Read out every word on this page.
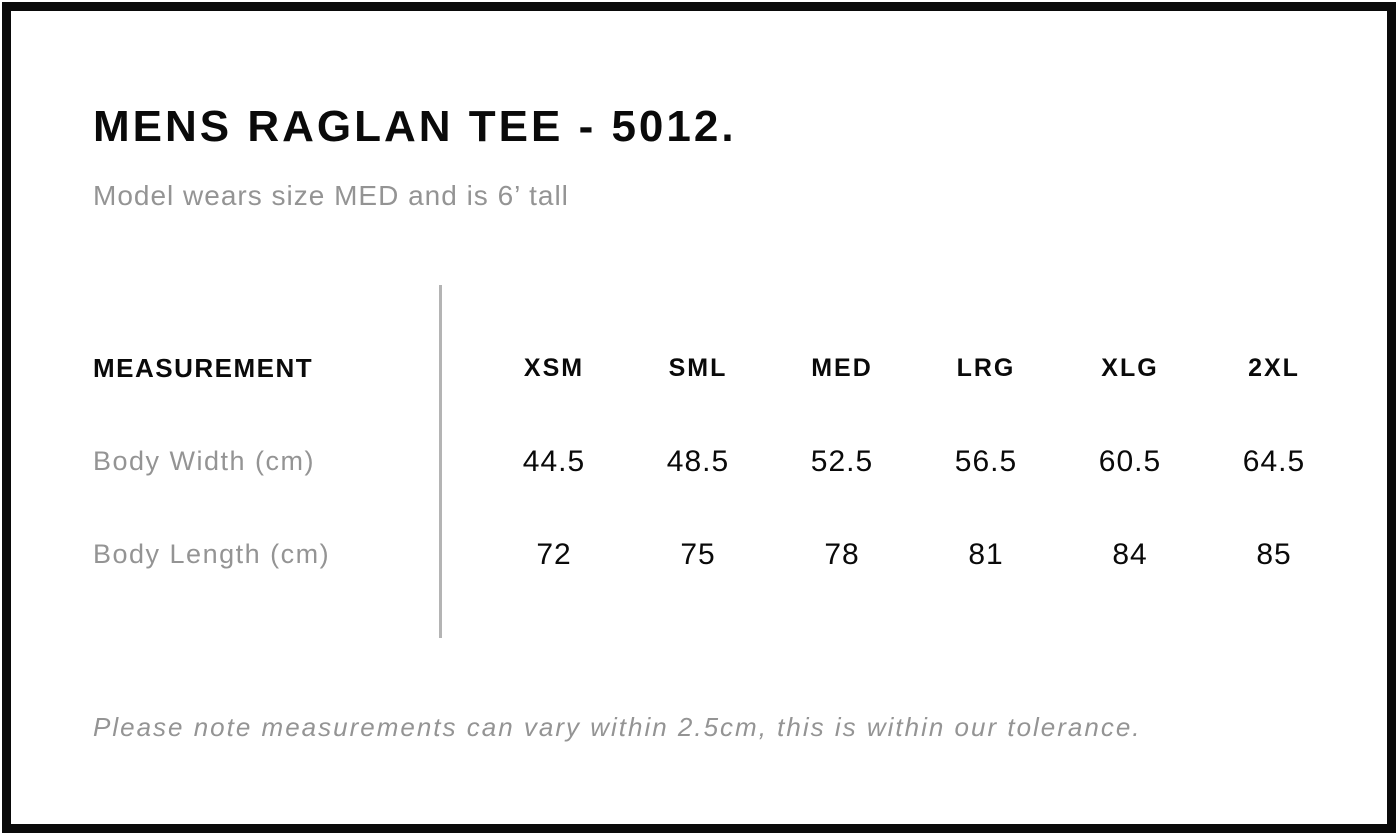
MENS RAGLAN TEE - 5012.

Model wears size MED and is 6’ tall

MEASUREMENT	XSM	SML	MED	LRG	XLG	2XL
Body Width (cm)	44.5	48.5	52.5	56.5	60.5	64.5
Body Length (cm)	72	75	78	81	84	85

Please note measurements can vary within 2.5cm, this is within our tolerance.
